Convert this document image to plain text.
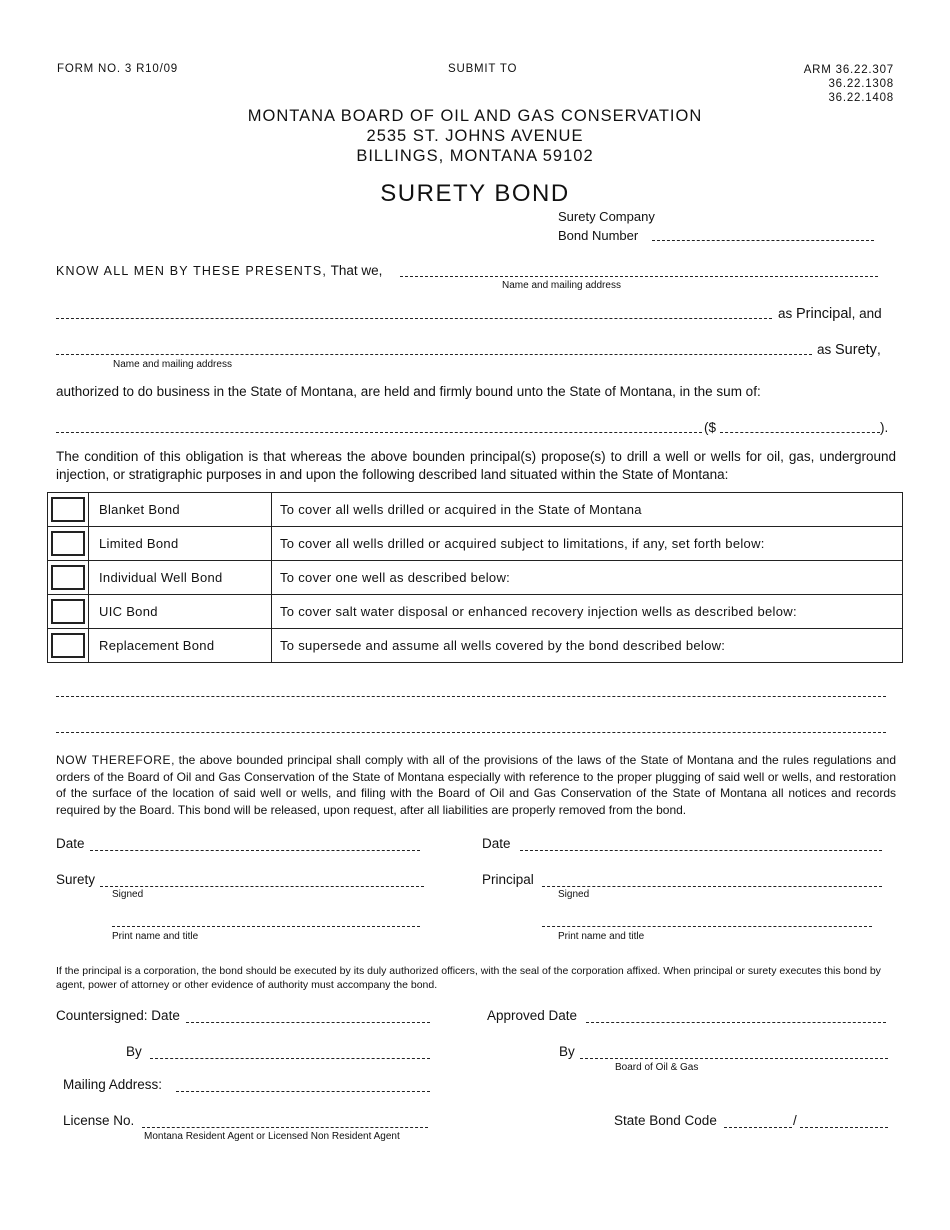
FORM NO. 3 R10/09	SUBMIT TO	ARM 36.22.307
36.22.1308
36.22.1408
MONTANA BOARD OF OIL AND GAS CONSERVATION
2535 ST. JOHNS AVENUE
BILLINGS, MONTANA 59102
SURETY BOND
Surety Company
Bond Number
KNOW ALL MEN BY THESE PRESENTS, That we,
Name and mailing address
as Principal, and
as Surety,
Name and mailing address
authorized to do business in the State of Montana, are held and firmly bound unto the State of Montana, in the sum of:
($	).
The condition of this obligation is that whereas the above bounden principal(s) propose(s) to drill a well or wells for oil, gas, underground injection, or stratigraphic purposes in and upon the following described land situated within the State of Montana:
	Blanket Bond	To cover all wells drilled or acquired in the State of Montana
	Limited Bond	To cover all wells drilled or acquired subject to limitations, if any, set forth below:
	Individual Well Bond	To cover one well as described below:
	UIC Bond	To cover salt water disposal or enhanced recovery injection wells as described below:
	Replacement Bond	To supersede and assume all wells covered by the bond described below:
NOW THEREFORE, the above bounded principal shall comply with all of the provisions of the laws of the State of Montana and the rules regulations and orders of the Board of Oil and Gas Conservation of the State of Montana especially with reference to the proper plugging of said well or wells, and restoration of the surface of the location of said well or wells, and filing with the Board of Oil and Gas Conservation of the State of Montana all notices and records required by the Board. This bond will be released, upon request, after all liabilities are properly removed from the bond.
Date
Surety
Signed
Print name and title
Date
Principal
Signed
Print name and title
If the principal is a corporation, the bond should be executed by its duly authorized officers, with the seal of the corporation affixed. When principal or surety executes this bond by agent, power of attorney or other evidence of authority must accompany the bond.
Countersigned: Date
By
Mailing Address:
License No.
Montana Resident Agent or Licensed Non Resident Agent
Approved Date
By
Board of Oil & Gas
State Bond Code	/
